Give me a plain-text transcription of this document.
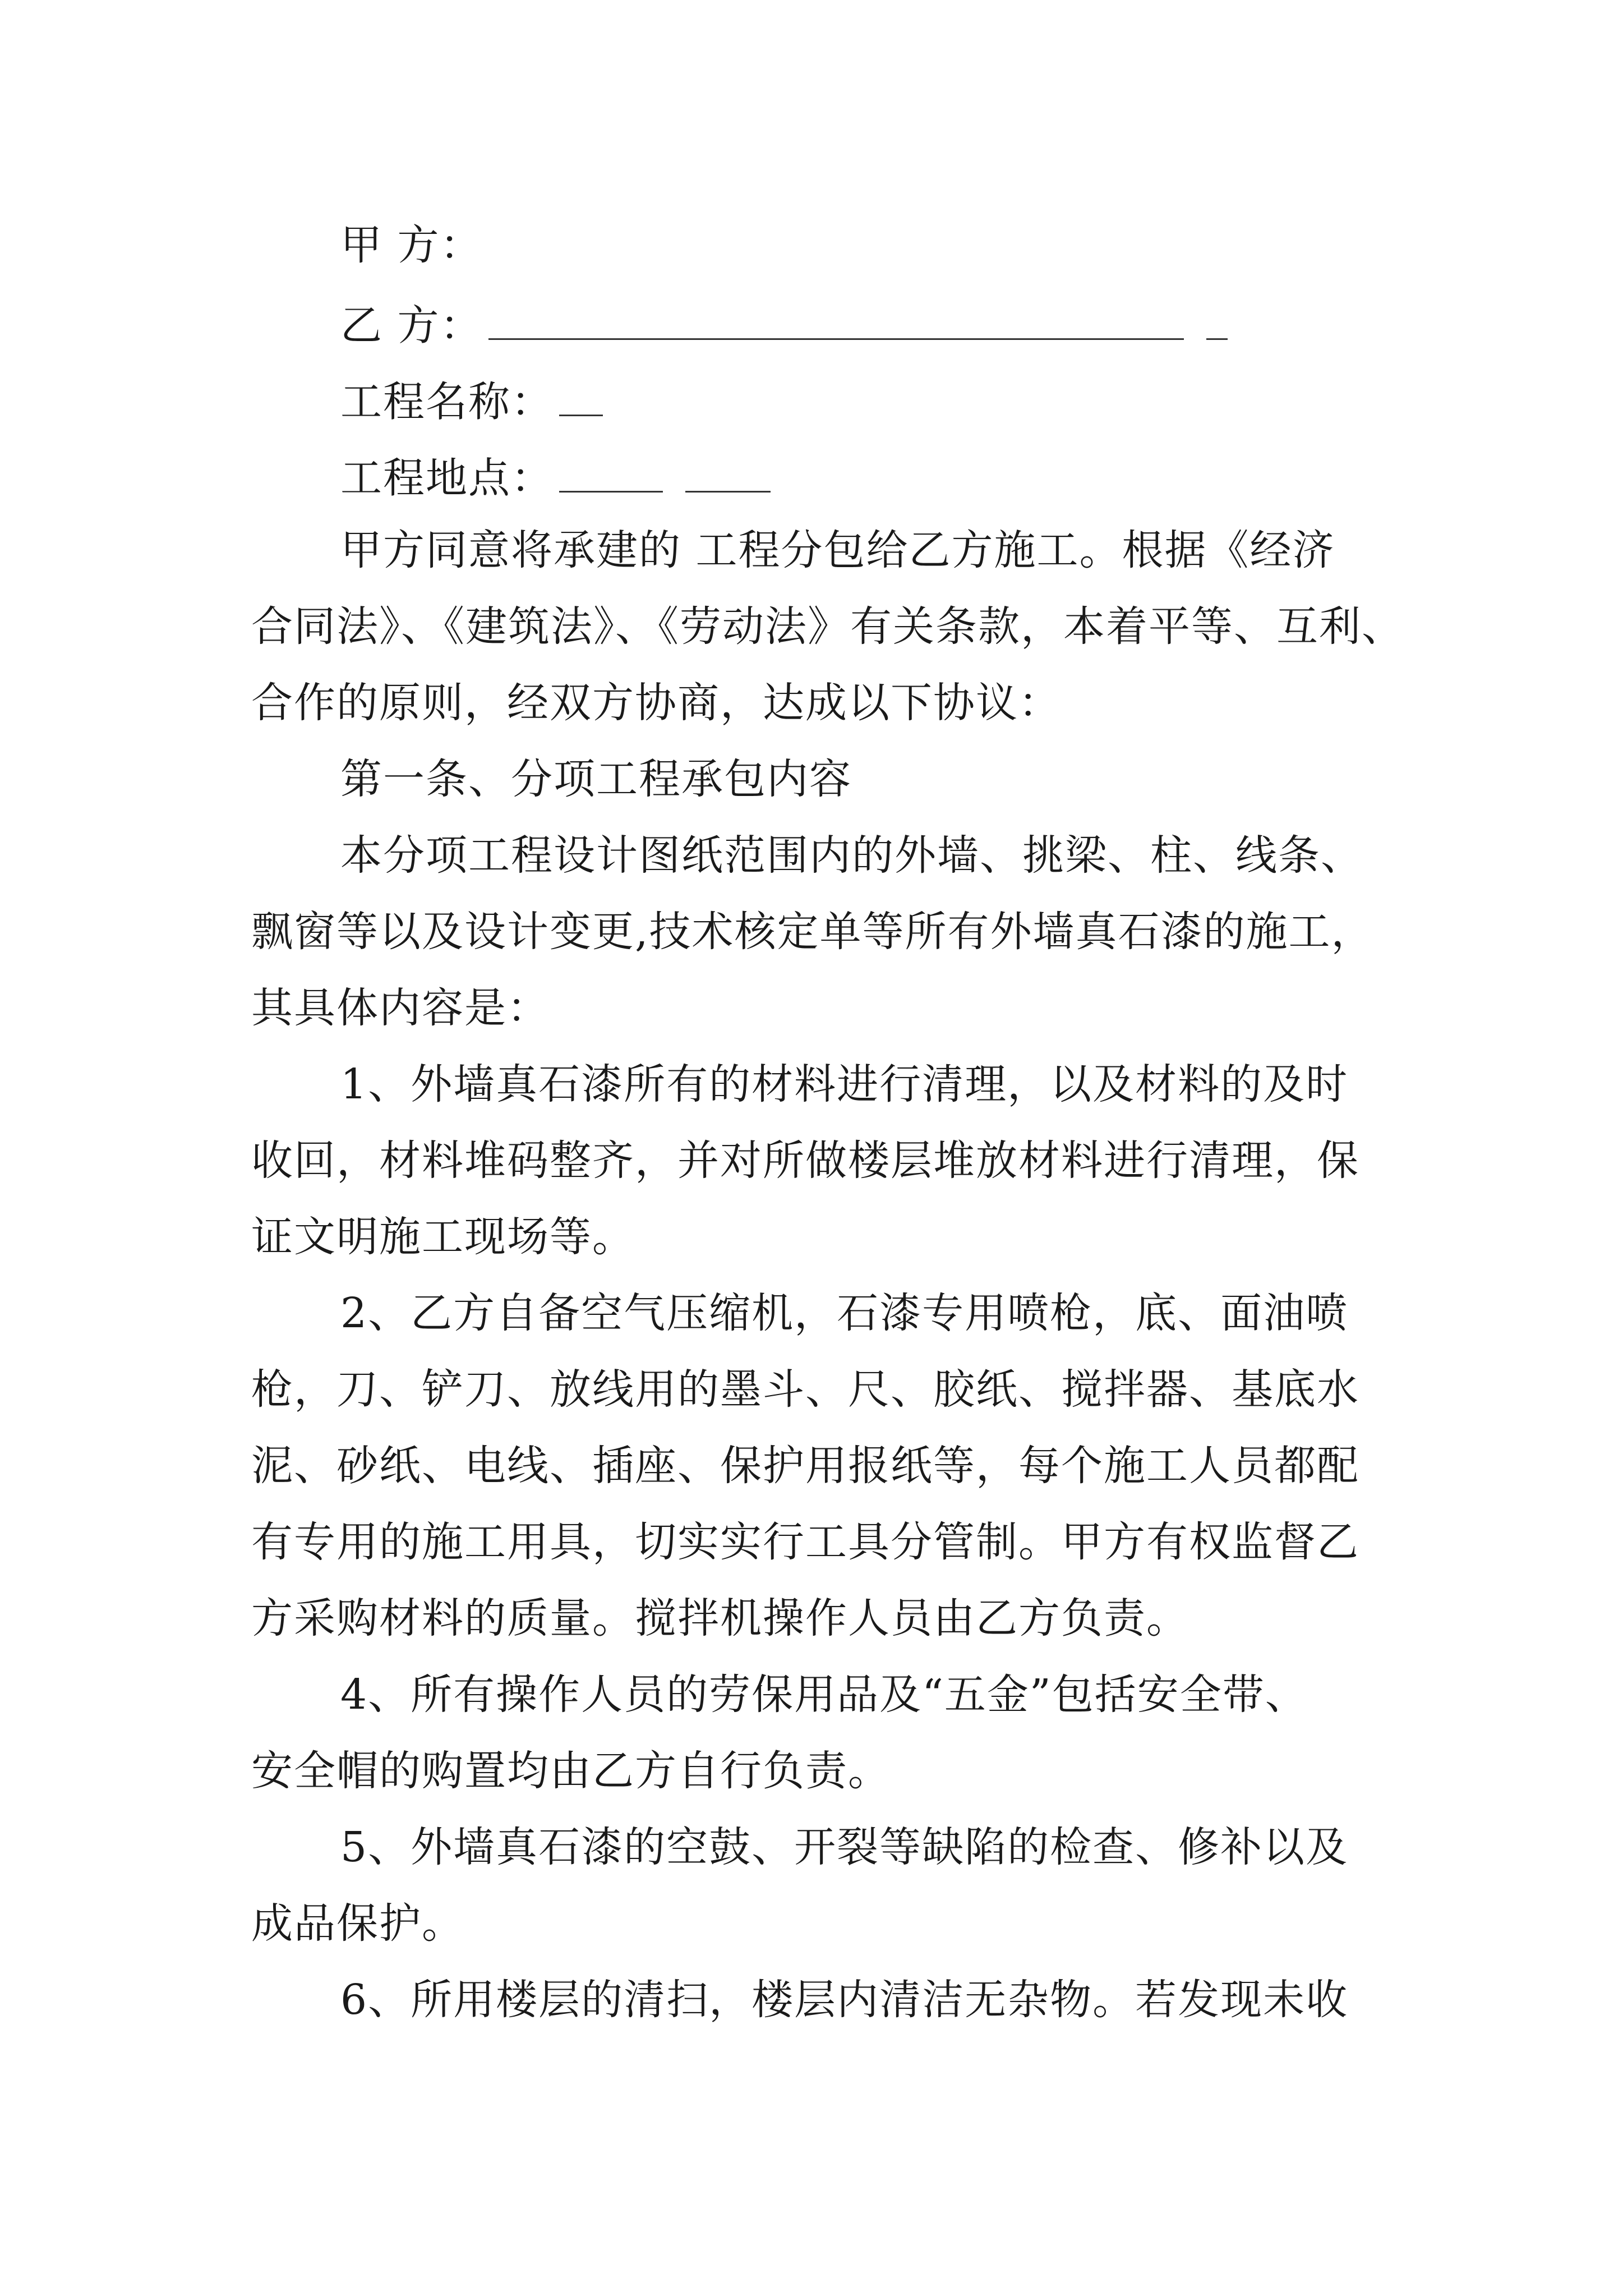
甲 方：
乙 方：
工程名称：
工程地点：
甲方同意将承建的 工程分包给乙方施工。根据《经济
合同法》、《建筑法》、《劳动法》有关条款，本着平等、互利、
合作的原则，经双方协商，达成以下协议：
第一条、分项工程承包内容
本分项工程设计图纸范围内的外墙、挑梁、柱、线条、
飘窗等以及设计变更,技术核定单等所有外墙真石漆的施工，
其具体内容是：
1、外墙真石漆所有的材料进行清理，以及材料的及时
收回，材料堆码整齐，并对所做楼层堆放材料进行清理，保
证文明施工现场等。
2、乙方自备空气压缩机，石漆专用喷枪，底、面油喷
枪，刀、铲刀、放线用的墨斗、尺、胶纸、搅拌器、基底水
泥、砂纸、电线、插座、保护用报纸等，每个施工人员都配
有专用的施工用具，切实实行工具分管制。甲方有权监督乙
方采购材料的质量。搅拌机操作人员由乙方负责。
4、所有操作人员的劳保用品及“五金”包括安全带、
安全帽的购置均由乙方自行负责。
5、外墙真石漆的空鼓、开裂等缺陷的检查、修补以及
成品保护。
6、所用楼层的清扫，楼层内清洁无杂物。若发现未收
